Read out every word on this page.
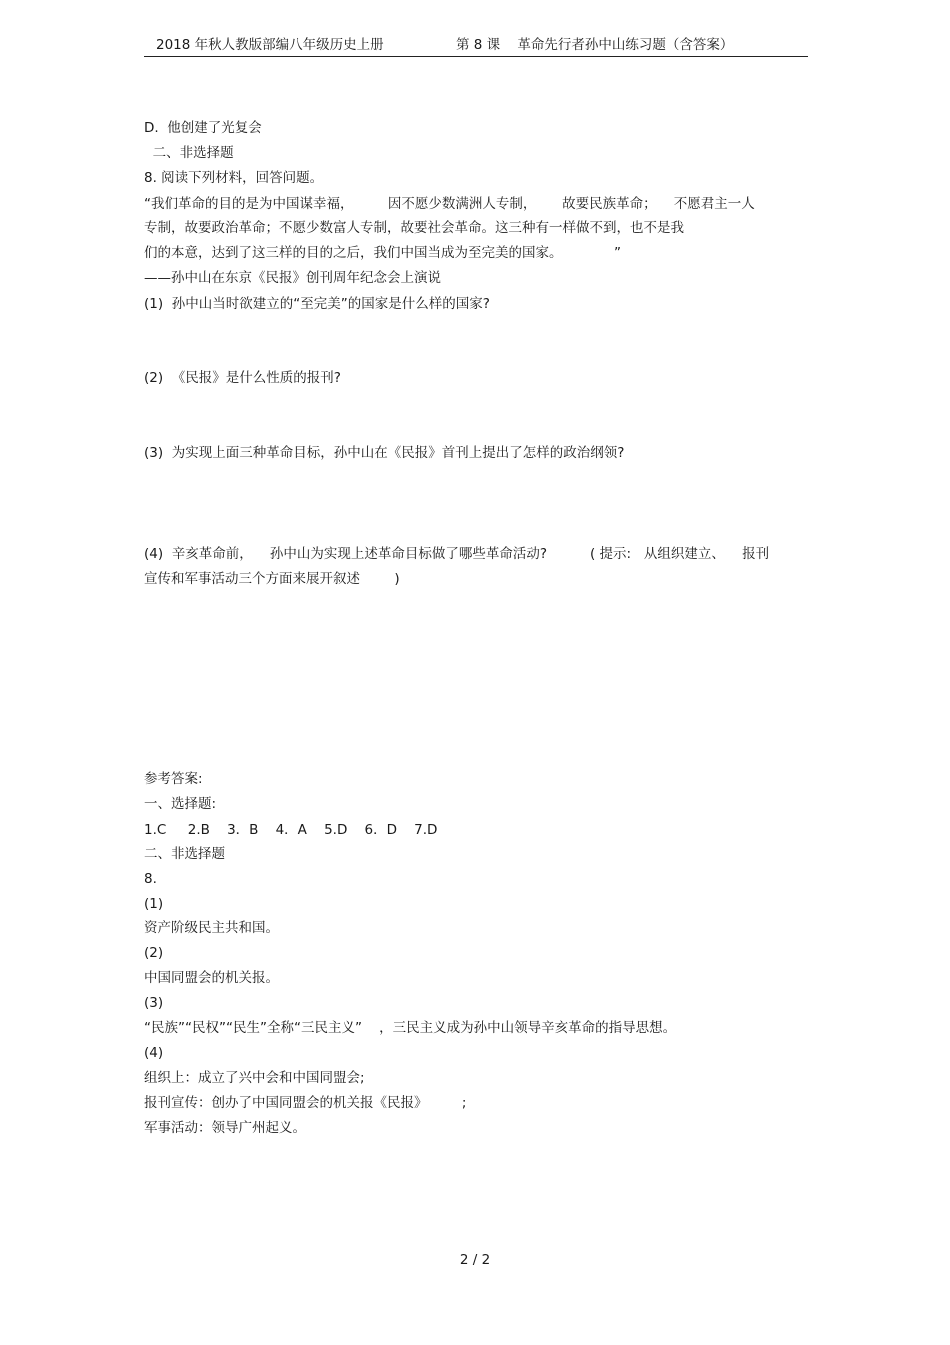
2018 年秋人教版部编八年级历史上册	第 8 课    革命先行者孙中山练习题（含答案）
D.  他创建了光复会
二、非选择题
8. 阅读下列材料，回答问题。
“我们革命的目的是为中国谋幸福，        因不愿少数满洲人专制，      故要民族革命；    不愿君主一人
专制，故要政治革命；不愿少数富人专制，故要社会革命。这三种有一样做不到，也不是我
们的本意，达到了这三样的目的之后，我们中国当成为至完美的国家。            ”
——孙中山在东京《民报》创刊周年纪念会上演说
(1)  孙中山当时欲建立的“至完美”的国家是什么样的国家?
(2)  《民报》是什么性质的报刊?
(3)  为实现上面三种革命目标，孙中山在《民报》首刊上提出了怎样的政治纲领?
(4)  辛亥革命前，    孙中山为实现上述革命目标做了哪些革命活动?          ( 提示:   从组织建立、    报刊
宣传和军事活动三个方面来展开叙述        )
参考答案:
一、选择题:
1.C     2.B    3．B    4．A    5.D    6．D    7.D
二、非选择题
8.
(1)
资产阶级民主共和国。
(2)
中国同盟会的机关报。
(3)
“民族”“民权”“民生”全称“三民主义”    ，三民主义成为孙中山领导辛亥革命的指导思想。
(4)
组织上：成立了兴中会和中国同盟会;
报刊宣传：创办了中国同盟会的机关报《民报》        ;
军事活动：领导广州起义。
2 / 2
